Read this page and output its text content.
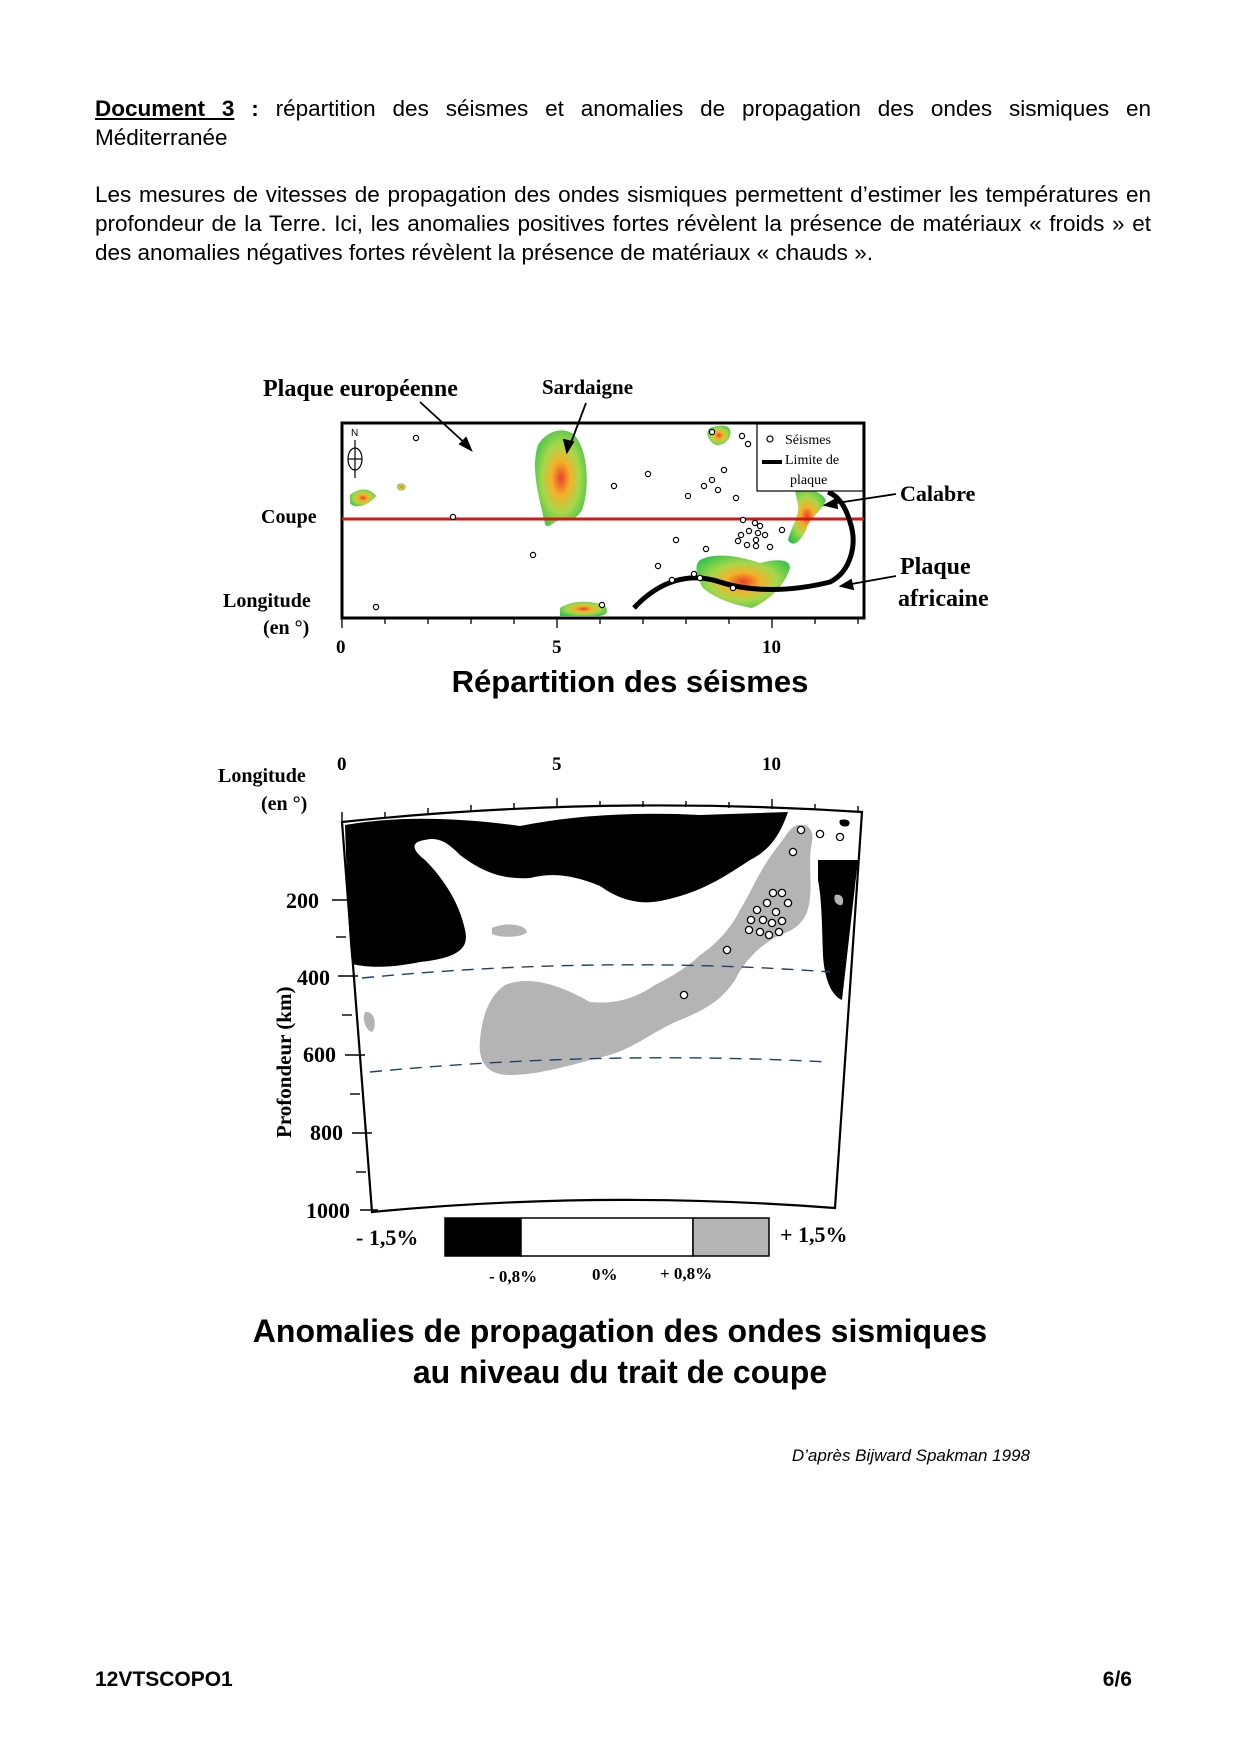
Document 3 : répartition des séismes et anomalies de propagation des ondes sismiques en Méditerranée
Les mesures de vitesses de propagation des ondes sismiques permettent d’estimer les températures en profondeur de la Terre. Ici, les anomalies positives fortes révèlent la présence de matériaux « froids » et des anomalies négatives fortes révèlent la présence de matériaux « chauds ».
Séismes
Limite de
plaque
N
Plaque européenne	Sardaigne
Coupe
Longitude
(en °)
Calabre
Plaque
africaine
0	5	10
Répartition des séismes
Longitude
(en °)
0	5	10
200
400
600
800
1000
Profondeur (km)
- 1,5%	+ 1,5%
- 0,8%	0%	+ 0,8%
Anomalies de propagation des ondes sismiques
au niveau du trait de coupe
D’après Bijward Spakman 1998
12VTSCOPO1	6/6
